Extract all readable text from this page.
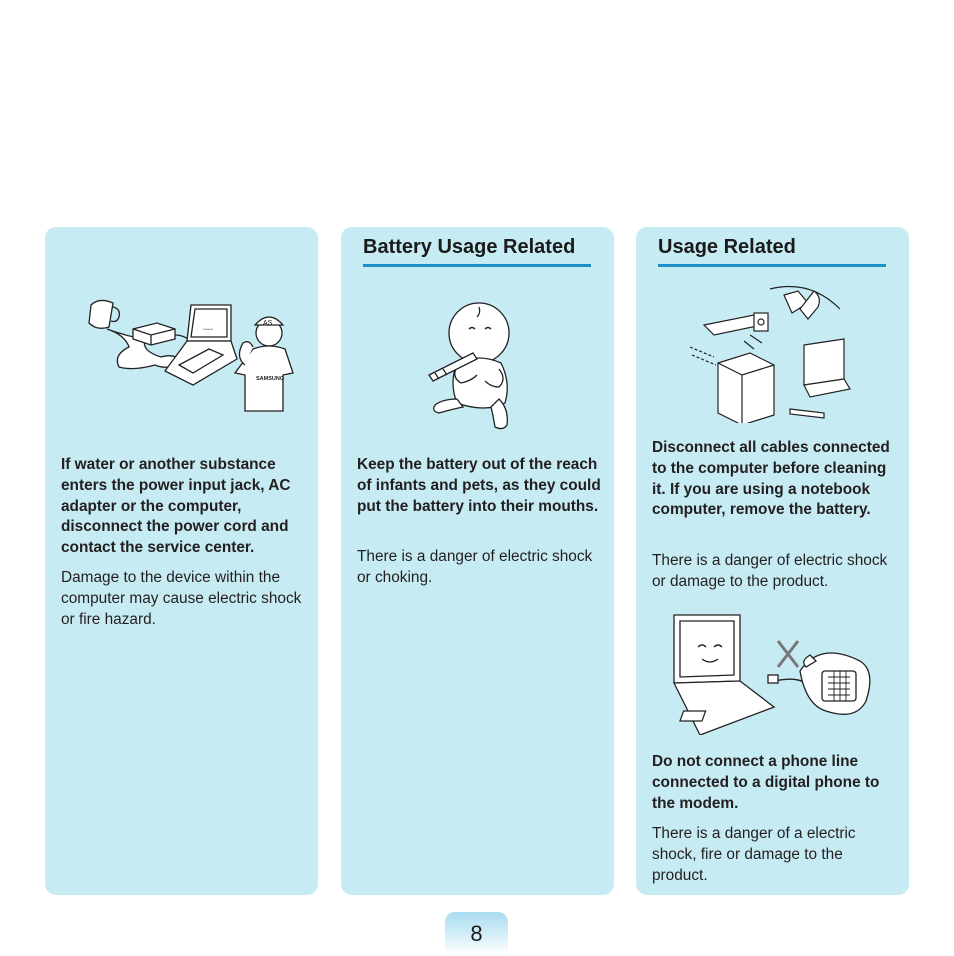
﹏	AS
SAMSUNG
If water or another substance enters the power input jack, AC adapter or the computer, disconnect the power cord and contact the service center.
Damage to the device within the computer may cause electric shock or fire hazard.
Battery Usage Related
Keep the battery out of the reach of infants and pets, as they could put the battery into their mouths.
There is a danger of electric shock or choking.
Usage Related
Disconnect all cables connected to the computer before cleaning it. If you are using a notebook computer, remove the battery.
There is a danger of electric shock or damage to the product.
Do not connect a phone line connected to a digital phone to the modem.
There is a danger of a electric shock, fire or damage to the product.
8
